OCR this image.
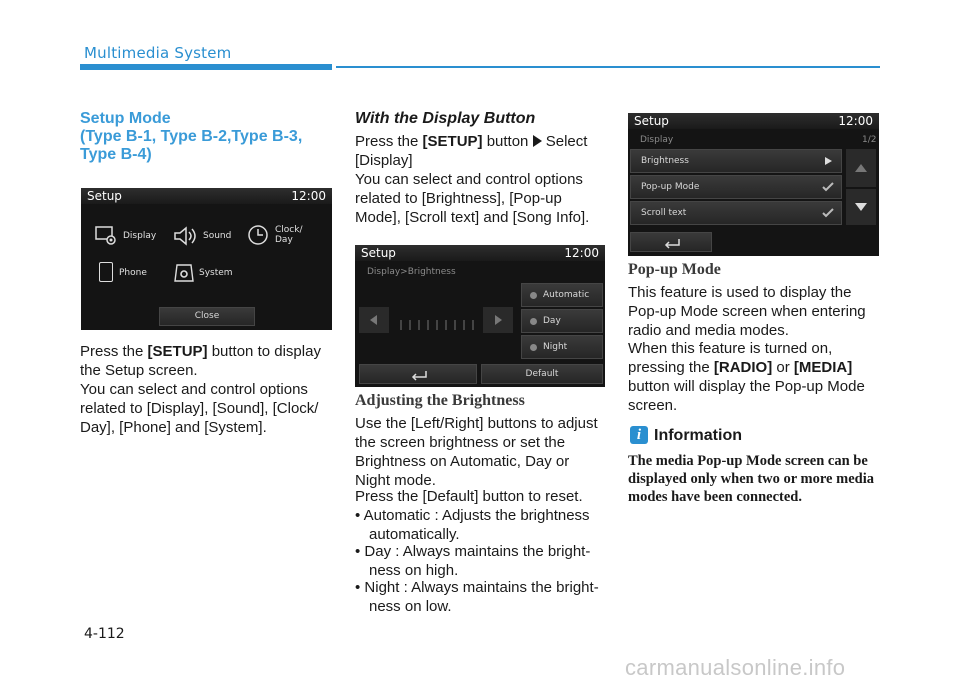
Multimedia System
Setup Mode
(Type B-1, Type B-2,Type B-3,
Type B-4)
Setup	12:00
Display	Sound
Clock/
Day
Phone	System
Close
Press the [SETUP] button to display the Setup screen.
You can select and control options related to [Display], [Sound], [Clock/ Day], [Phone] and [System].
With the Display Button
Press the [SETUP] button  Select [Display]
You can select and control options related to [Brightness], [Pop-up Mode], [Scroll text] and [Song Info].
Setup	12:00
Display>Brightness
Automatic
Day
Night
Default
Adjusting the Brightness
Use the [Left/Right] buttons to adjust the screen brightness or set the Brightness on Automatic, Day or Night mode.
Press the [Default] button to reset.
• Automatic : Adjusts the brightness automatically.
• Day : Always maintains the bright- ness on high.
• Night : Always maintains the bright- ness on low.
Setup	12:00
Display	1/2
Brightness
Pop-up Mode
Scroll text
Pop-up Mode
This feature is used to display the Pop-up Mode screen when entering radio and media modes.
When this feature is turned on, pressing the [RADIO] or [MEDIA] button will display the Pop-up Mode screen.
i Information
The media Pop-up Mode screen can be displayed only when two or more media modes have been connected.
4-112
carmanualsonline.info
